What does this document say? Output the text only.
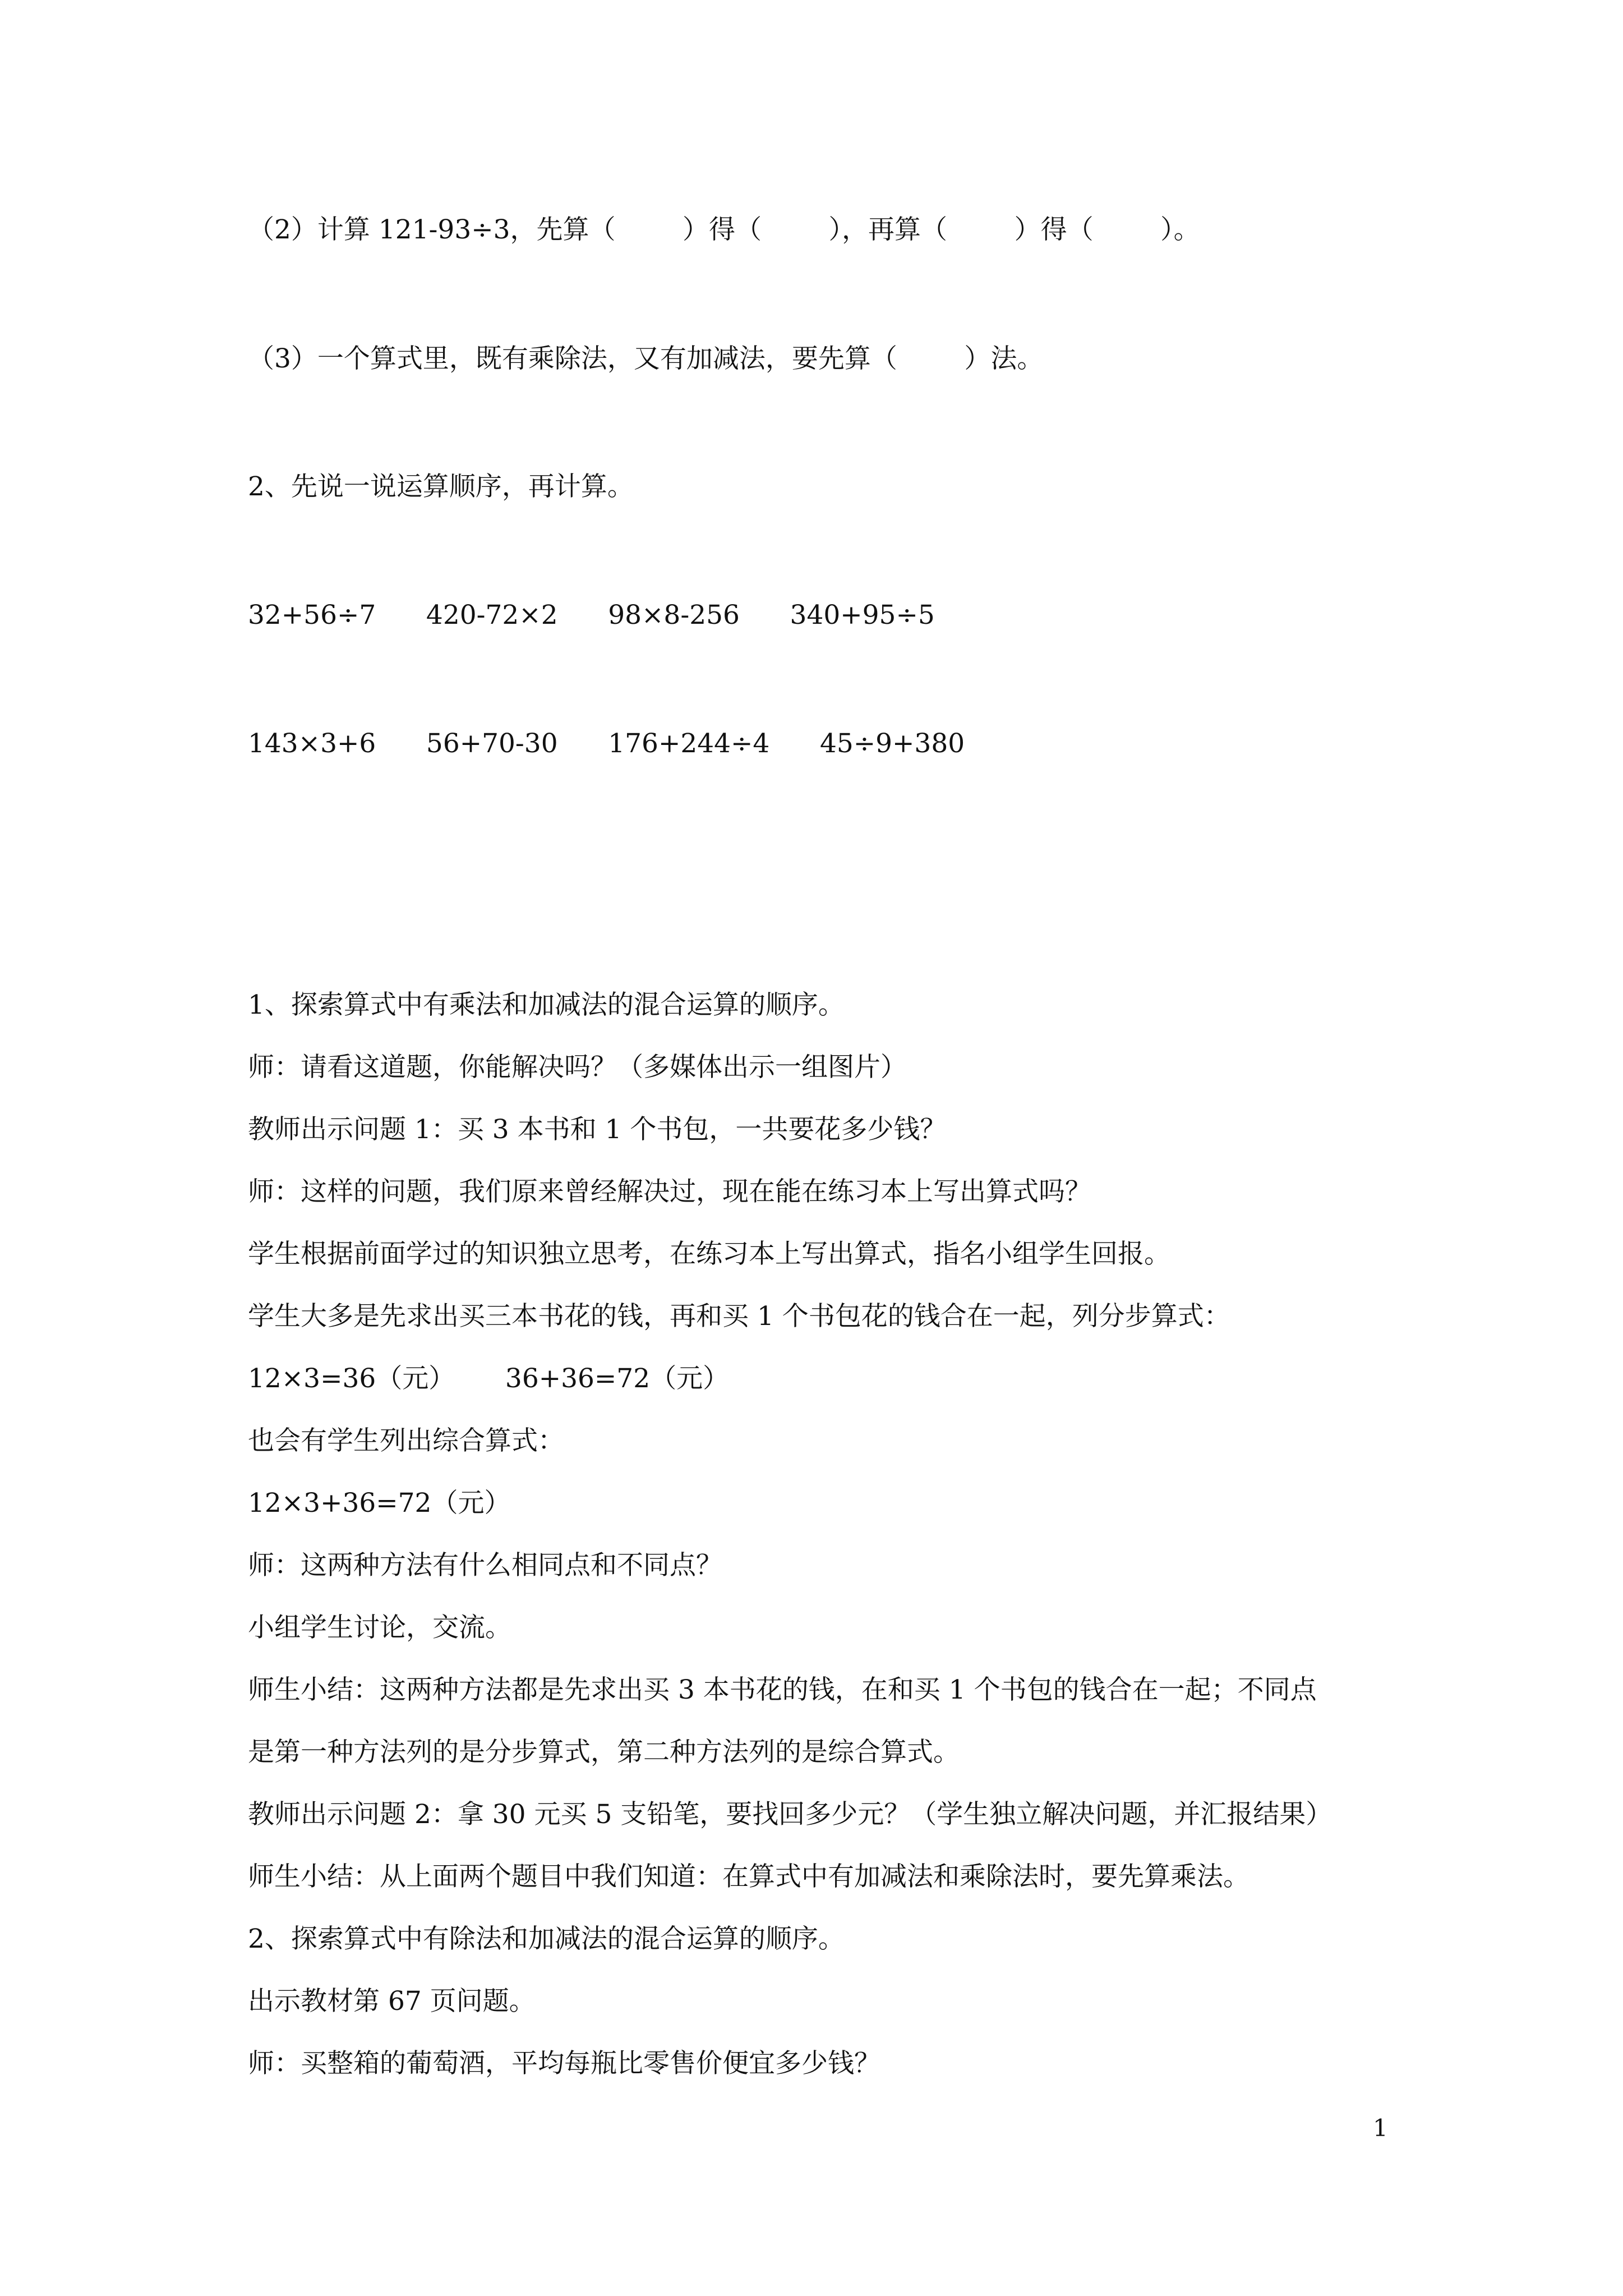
（2）计算 121-93÷3，先算（        ）得（        ），再算（        ）得（        ）。

（3）一个算式里，既有乘除法，又有加减法，要先算（        ）法。

2、先说一说运算顺序，再计算。

32+56÷7      420-72×2      98×8-256      340+95÷5

143×3+6      56+70-30      176+244÷4      45÷9+380

1、探索算式中有乘法和加减法的混合运算的顺序。

师：请看这道题，你能解决吗？（多媒体出示一组图片）

教师出示问题 1：买 3 本书和 1 个书包，一共要花多少钱？

师：这样的问题，我们原来曾经解决过，现在能在练习本上写出算式吗？

学生根据前面学过的知识独立思考，在练习本上写出算式，指名小组学生回报。

学生大多是先求出买三本书花的钱，再和买 1 个书包花的钱合在一起，列分步算式：

12×3=36（元）      36+36=72（元）

也会有学生列出综合算式：

12×3+36=72（元）

师：这两种方法有什么相同点和不同点？

小组学生讨论，交流。

师生小结：这两种方法都是先求出买 3 本书花的钱，在和买 1 个书包的钱合在一起；不同点

是第一种方法列的是分步算式，第二种方法列的是综合算式。

教师出示问题 2：拿 30 元买 5 支铅笔，要找回多少元？（学生独立解决问题，并汇报结果）

师生小结：从上面两个题目中我们知道：在算式中有加减法和乘除法时，要先算乘法。

2、探索算式中有除法和加减法的混合运算的顺序。

出示教材第 67 页问题。

师：买整箱的葡萄酒，平均每瓶比零售价便宜多少钱？

1
